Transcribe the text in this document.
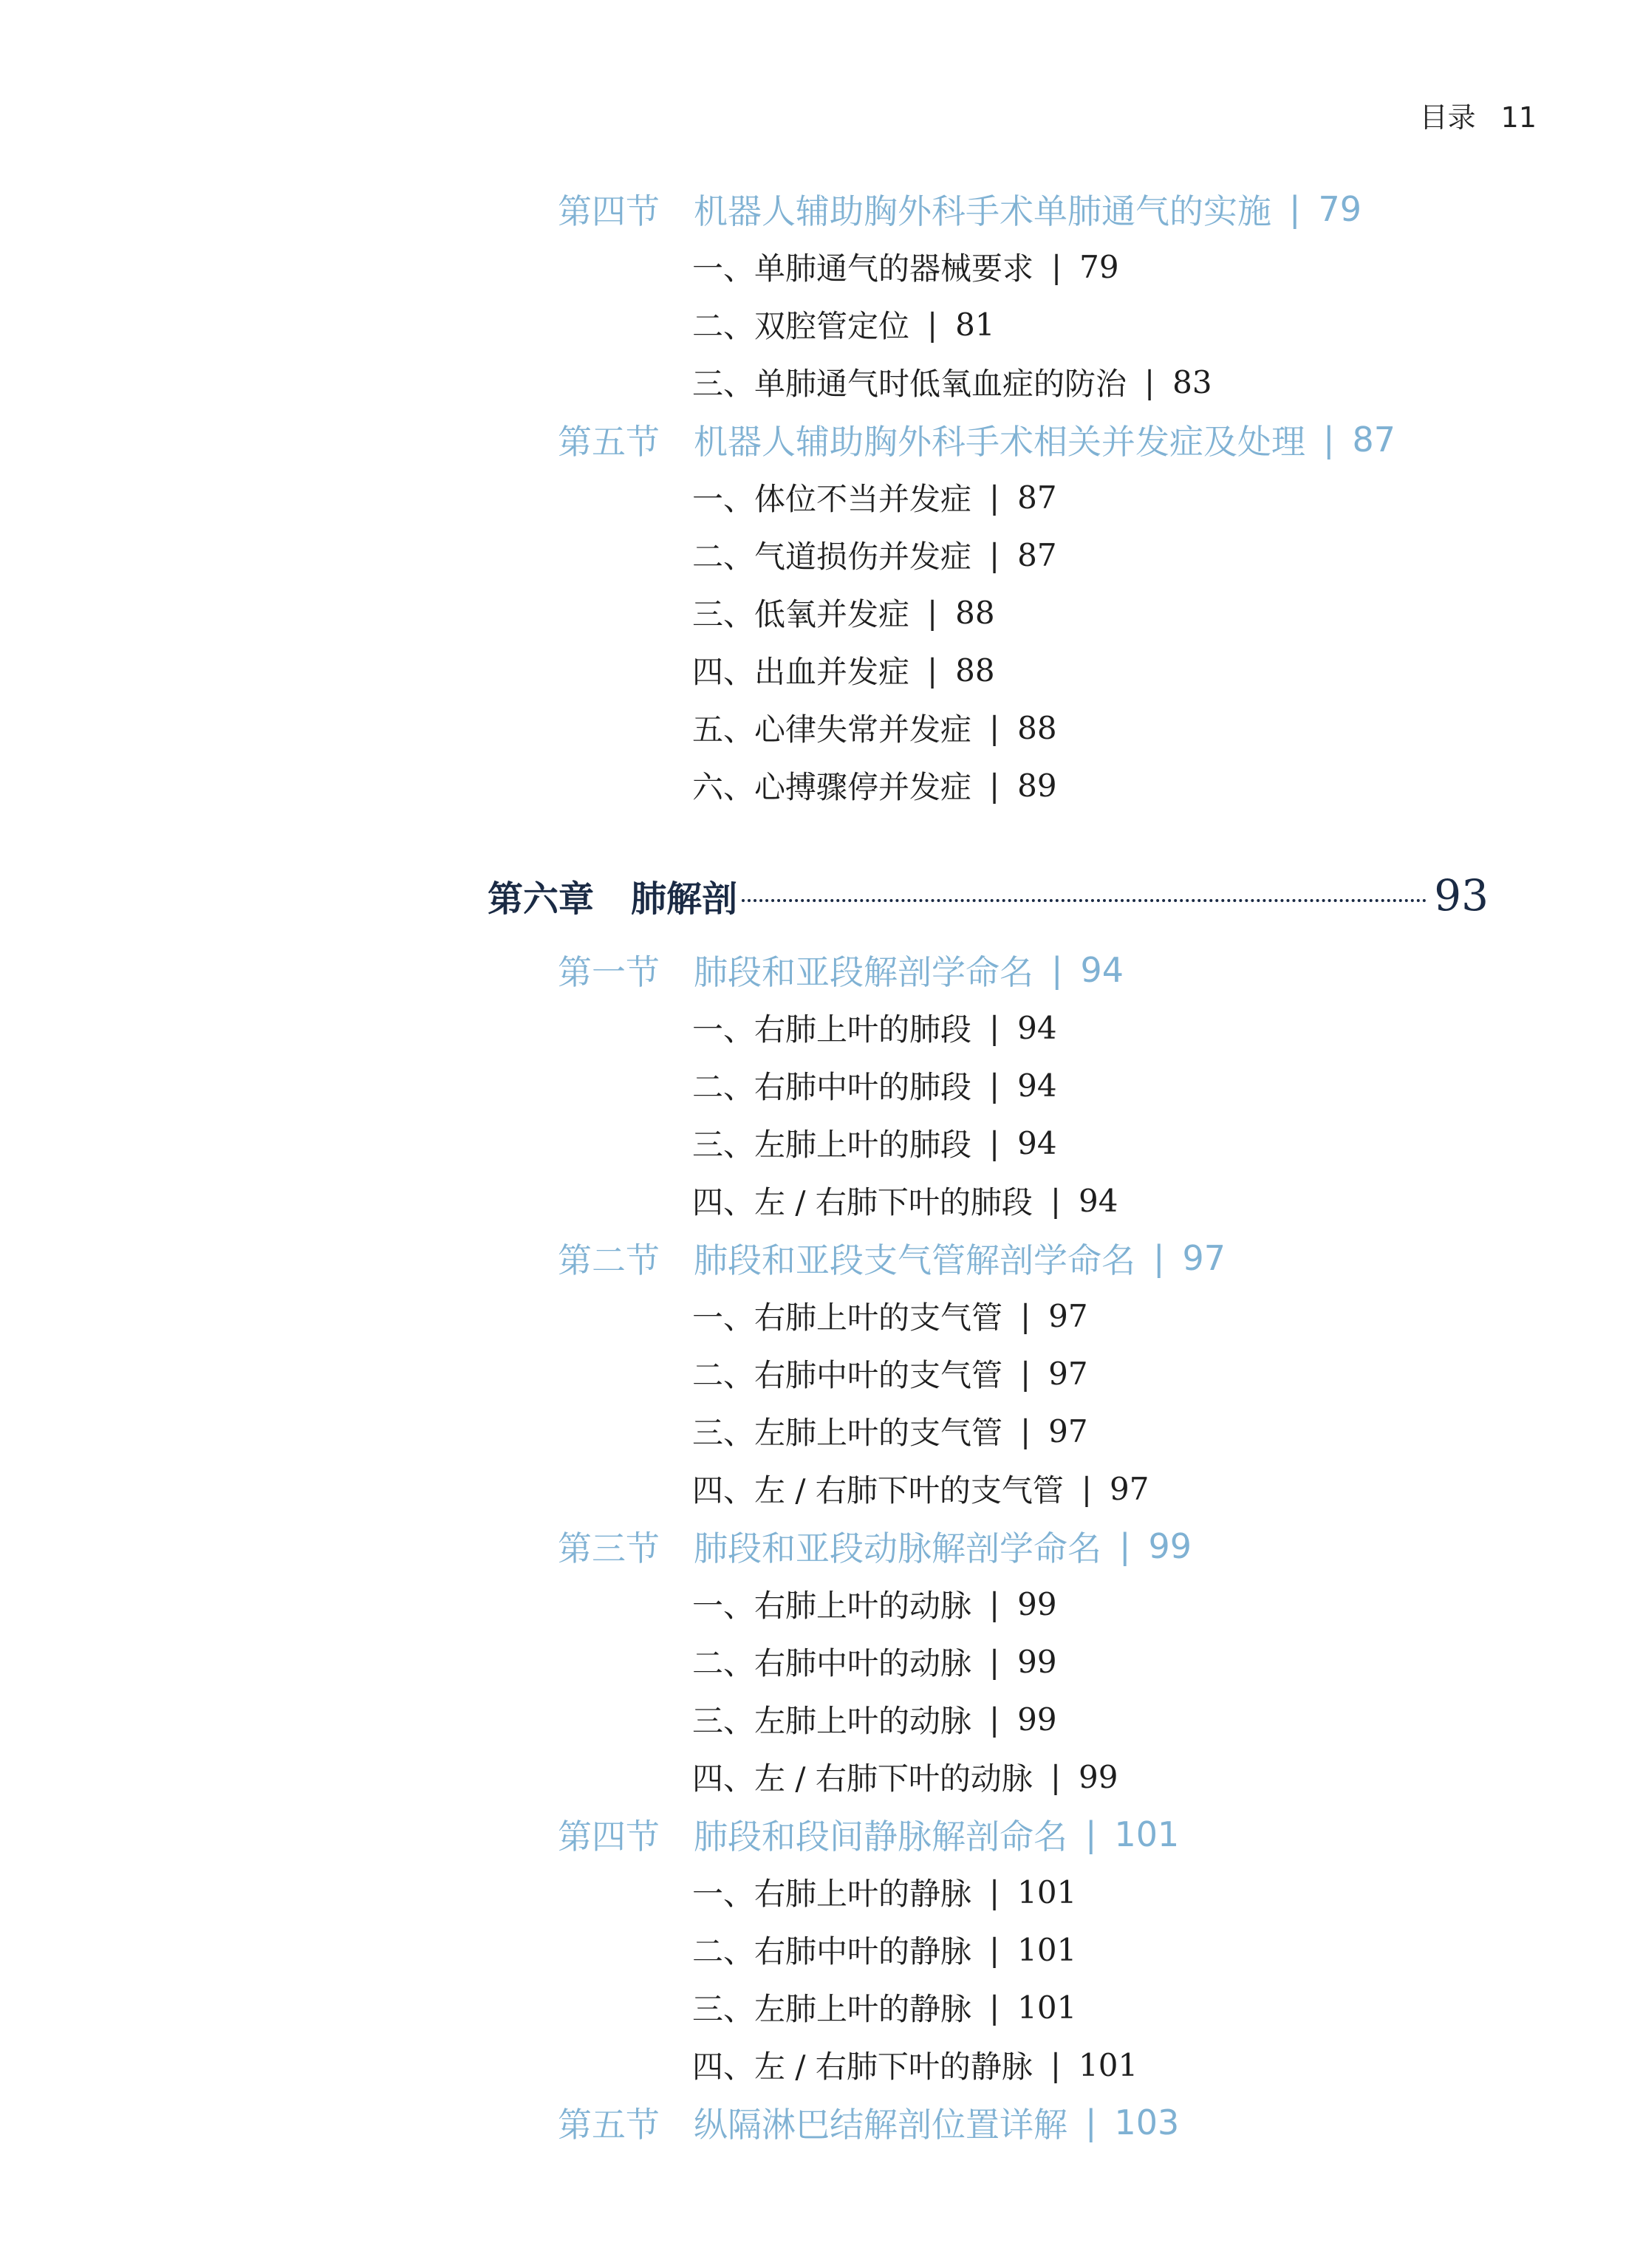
目录 11
第四节	机器人辅助胸外科手术单肺通气的实施 | 79
一、单肺通气的器械要求 | 79
二、双腔管定位 | 81
三、单肺通气时低氧血症的防治 | 83
第五节	机器人辅助胸外科手术相关并发症及处理 | 87
一、体位不当并发症 | 87
二、气道损伤并发症 | 87
三、低氧并发症 | 88
四、出血并发症 | 88
五、心律失常并发症 | 88
六、心搏骤停并发症 | 89
第六章 肺解剖	93
第一节	肺段和亚段解剖学命名 | 94
一、右肺上叶的肺段 | 94
二、右肺中叶的肺段 | 94
三、左肺上叶的肺段 | 94
四、左 / 右肺下叶的肺段 | 94
第二节	肺段和亚段支气管解剖学命名 | 97
一、右肺上叶的支气管 | 97
二、右肺中叶的支气管 | 97
三、左肺上叶的支气管 | 97
四、左 / 右肺下叶的支气管 | 97
第三节	肺段和亚段动脉解剖学命名 | 99
一、右肺上叶的动脉 | 99
二、右肺中叶的动脉 | 99
三、左肺上叶的动脉 | 99
四、左 / 右肺下叶的动脉 | 99
第四节	肺段和段间静脉解剖命名 | 101
一、右肺上叶的静脉 | 101
二、右肺中叶的静脉 | 101
三、左肺上叶的静脉 | 101
四、左 / 右肺下叶的静脉 | 101
第五节	纵隔淋巴结解剖位置详解 | 103
